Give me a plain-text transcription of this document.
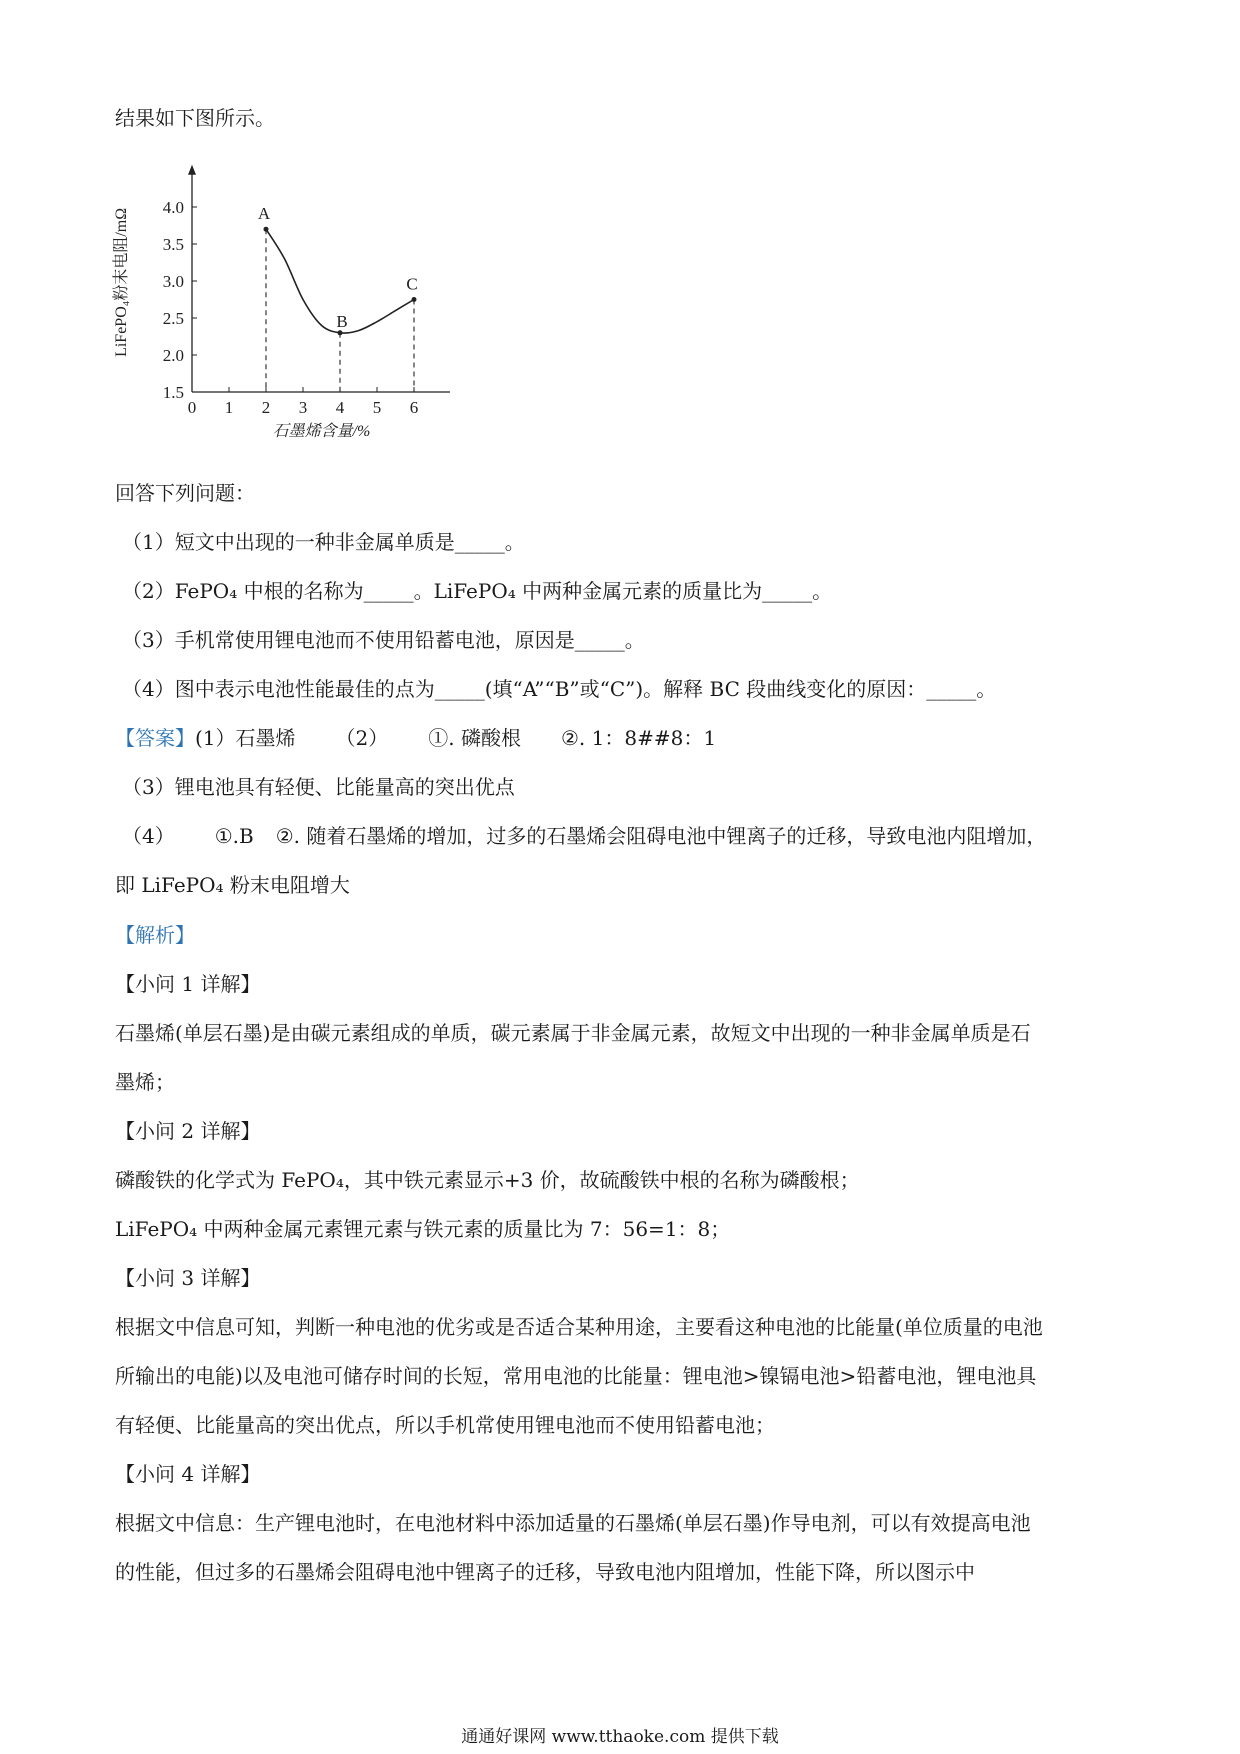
结果如下图所示。
0 1 2 3 4 5 6
1.5
2.0
2.5
3.0
3.5
4.0
石墨烯含量/%
LiFePO₄粉末电阻/mΩ	A
B
C
回答下列问题：
（1）短文中出现的一种非金属单质是_____。
（2）FePO₄ 中根的名称为_____。LiFePO₄ 中两种金属元素的质量比为_____。
（3）手机常使用锂电池而不使用铅蓄电池，原因是_____。
（4）图中表示电池性能最佳的点为_____(填“A”“B”或“C”)。解释 BC 段曲线变化的原因：_____。
【答案】(1）石墨烯 （2） ①. 磷酸根 ②. 1：8##8：1
（3）锂电池具有轻便、比能量高的突出优点
（4） ①.B ②. 随着石墨烯的增加，过多的石墨烯会阻碍电池中锂离子的迁移，导致电池内阻增加，
即 LiFePO₄ 粉末电阻增大
【解析】
【小问 1 详解】
石墨烯(单层石墨)是由碳元素组成的单质，碳元素属于非金属元素，故短文中出现的一种非金属单质是石
墨烯；
【小问 2 详解】
磷酸铁的化学式为 FePO₄，其中铁元素显示+3 价，故硫酸铁中根的名称为磷酸根；
LiFePO₄ 中两种金属元素锂元素与铁元素的质量比为 7：56=1：8；
【小问 3 详解】
根据文中信息可知，判断一种电池的优劣或是否适合某种用途，主要看这种电池的比能量(单位质量的电池
所输出的电能)以及电池可储存时间的长短，常用电池的比能量：锂电池>镍镉电池>铅蓄电池，锂电池具
有轻便、比能量高的突出优点，所以手机常使用锂电池而不使用铅蓄电池；
【小问 4 详解】
根据文中信息：生产锂电池时，在电池材料中添加适量的石墨烯(单层石墨)作导电剂，可以有效提高电池
的性能，但过多的石墨烯会阻碍电池中锂离子的迁移，导致电池内阻增加，性能下降，所以图示中
通通好课网 www.tthaoke.com 提供下载
